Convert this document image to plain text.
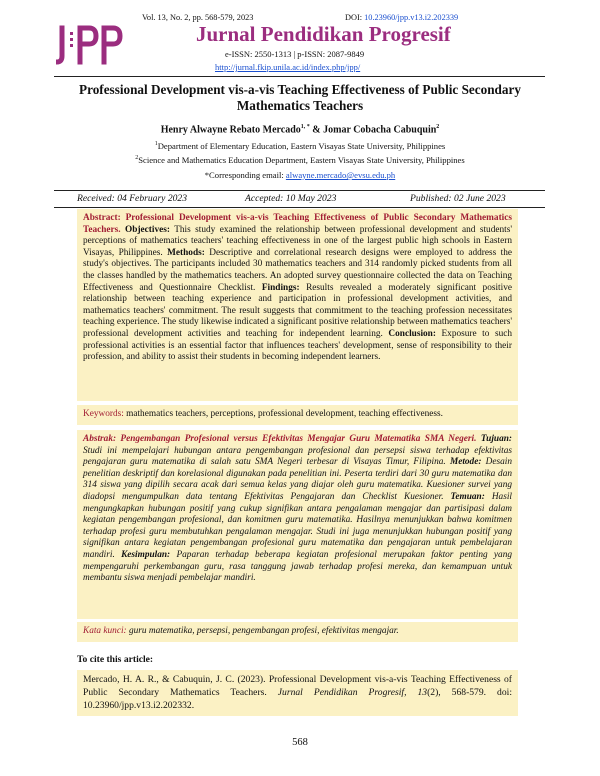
Vol. 13, No. 2, pp. 568-579, 2023	DOI: 10.23960/jpp.v13.i2.202339
Jurnal Pendidikan Progresif
e-ISSN: 2550-1313 | p-ISSN: 2087-9849
http://jurnal.fkip.unila.ac.id/index.php/jpp/
Professional Development vis-a-vis Teaching Effectiveness of Public Secondary Mathematics Teachers
Henry Alwayne Rebato Mercado$^{1, *}$ & Jomar Cobacha Cabuquin$^2$
$^1$Department of Elementary Education, Eastern Visayas State University, Philippines
$^2$Science and Mathematics Education Department, Eastern Visayas State University, Philippines
*Corresponding email: alwayne.mercado@evsu.edu.ph
Received: 04 February 2023	Accepted: 10 May 2023	Published: 02 June 2023
Abstract: Professional Development vis-a-vis Teaching Effectiveness of Public Secondary Mathematics Teachers. Objectives: This study examined the relationship between professional development and students' perceptions of mathematics teachers' teaching effectiveness in one of the largest public high schools in Eastern Visayas, Philippines. Methods: Descriptive and correlational research designs were employed to address the study's objectives. The participants included 30 mathematics teachers and 314 randomly picked students from all the classes handled by the mathematics teachers. An adopted survey questionnaire collected the data on Teaching Effectiveness and Questionnaire Checklist. Findings: Results revealed a moderately significant positive relationship between teaching experience and participation in professional development activities, and mathematics teachers' commitment. The result suggests that commitment to the teaching profession necessitates teaching experience. The study likewise indicated a significant positive relationship between mathematics teachers' professional development activities and teaching for independent learning. Conclusion: Exposure to such professional activities is an essential factor that influences teachers' development, sense of responsibility to their profession, and ability to assist their students in becoming independent learners.
Keywords: mathematics teachers, perceptions, professional development, teaching effectiveness.
Abstrak: Pengembangan Profesional versus Efektivitas Mengajar Guru Matematika SMA Negeri. Tujuan: Studi ini mempelajari hubungan antara pengembangan profesional dan persepsi siswa terhadap efektivitas pengajaran guru matematika di salah satu SMA Negeri terbesar di Visayas Timur, Filipina. Metode: Desain penelitian deskriptif dan korelasional digunakan pada penelitian ini. Peserta terdiri dari 30 guru matematika dan 314 siswa yang dipilih secara acak dari semua kelas yang diajar oleh guru matematika. Kuesioner survei yang diadopsi mengumpulkan data tentang Efektivitas Pengajaran dan Checklist Kuesioner. Temuan: Hasil mengungkapkan hubungan positif yang cukup signifikan antara pengalaman mengajar dan partisipasi dalam kegiatan pengembangan profesional, dan komitmen guru matematika. Hasilnya menunjukkan bahwa komitmen terhadap profesi guru membutuhkan pengalaman mengajar. Studi ini juga menunjukkan hubungan positif yang signifikan antara kegiatan pengembangan profesional guru matematika dan pengajaran untuk pembelajaran mandiri. Kesimpulan: Paparan terhadap beberapa kegiatan profesional merupakan faktor penting yang mempengaruhi perkembangan guru, rasa tanggung jawab terhadap profesi mereka, dan kemampuan untuk membantu siswa menjadi pembelajar mandiri.
Kata kunci: guru matematika, persepsi, pengembangan profesi, efektivitas mengajar.
To cite this article:
Mercado, H. A. R., & Cabuquin, J. C. (2023). Professional Development vis-a-vis Teaching Effectiveness of Public Secondary Mathematics Teachers. Jurnal Pendidikan Progresif, 13(2), 568-579. doi: 10.23960/jpp.v13.i2.202332.
568
